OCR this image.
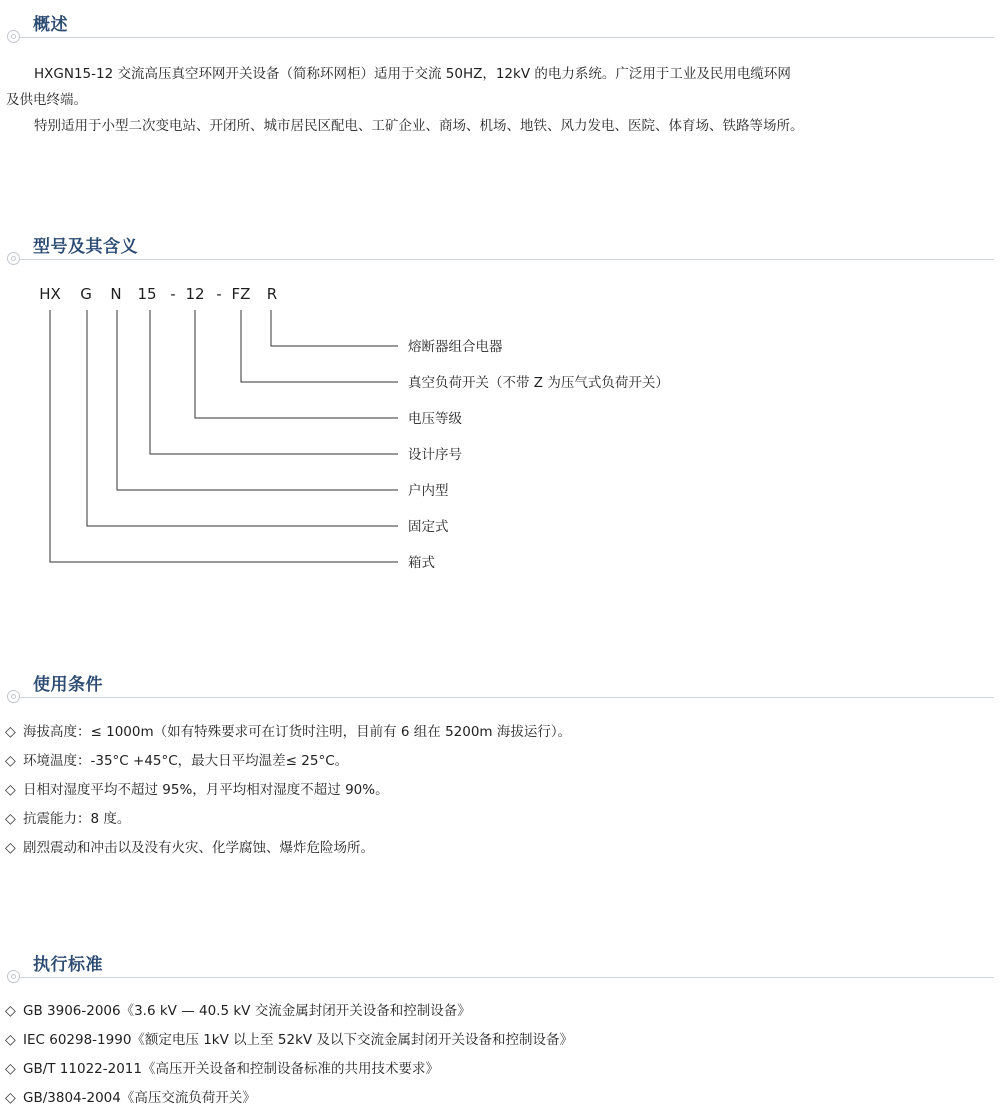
概述
HXGN15-12 交流高压真空环网开关设备（简称环网柜）适用于交流 50HZ，12kV 的电力系统。广泛用于工业及民用电缆环网
及供电终端。
特别适用于小型二次变电站、开闭所、城市居民区配电、工矿企业、商场、机场、地铁、风力发电、医院、体育场、铁路等场所。
型号及其含义
HX G N 15 - 12 - FZ R
熔断器组合电器
真空负荷开关（不带 Z 为压气式负荷开关）
电压等级
设计序号
户内型
固定式
箱式
使用条件
◇ 海拔高度：≤ 1000m（如有特殊要求可在订货时注明，目前有 6 组在 5200m 海拔运行）。
◇ 环境温度：-35°C +45°C，最大日平均温差≤ 25°C。
◇ 日相对湿度平均不超过 95%，月平均相对湿度不超过 90%。
◇ 抗震能力：8 度。
◇ 剧烈震动和冲击以及没有火灾、化学腐蚀、爆炸危险场所。
执行标准
◇ GB 3906-2006《3.6 kV — 40.5 kV 交流金属封闭开关设备和控制设备》
◇ IEC 60298-1990《额定电压 1kV 以上至 52kV 及以下交流金属封闭开关设备和控制设备》
◇ GB/T 11022-2011《高压开关设备和控制设备标准的共用技术要求》
◇ GB/3804-2004《高压交流负荷开关》
